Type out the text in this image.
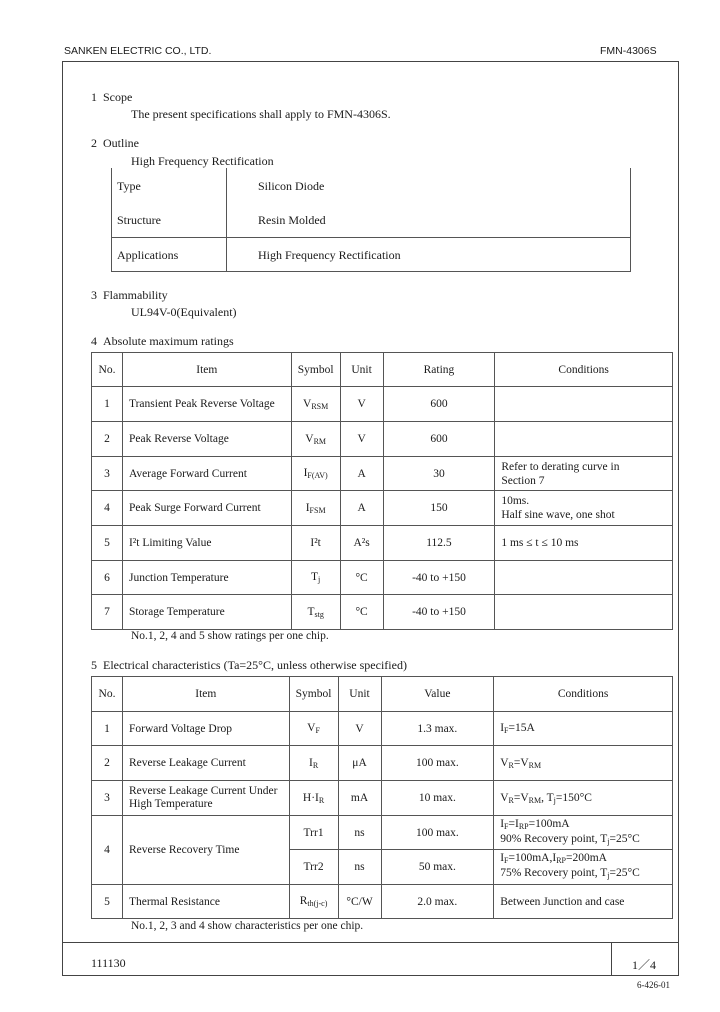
SANKEN ELECTRIC CO., LTD.	FMN-4306S
1 Scope
The present specifications shall apply to FMN-4306S.
2 Outline
High Frequency Rectification
Type	Silicon Diode
Structure	Resin Molded
Applications	High Frequency Rectification
3 Flammability
UL94V-0(Equivalent)
4 Absolute maximum ratings
No.	Item	Symbol	Unit	Rating	Conditions
1	Transient Peak Reverse Voltage	VRSM	V	600	
2	Peak Reverse Voltage	VRM	V	600	
3	Average Forward Current	IF(AV)	A	30	Refer to derating curve in
Section 7
4	Peak Surge Forward Current	IFSM	A	150	10ms.
Half sine wave, one shot
5	I²t Limiting Value	I²t	A²s	112.5	1 ms ≤ t ≤ 10 ms
6	Junction Temperature	Tj	°C	-40 to +150	
7	Storage Temperature	Tstg	°C	-40 to +150	
No.1, 2, 4 and 5 show ratings per one chip.
5 Electrical characteristics (Ta=25°C, unless otherwise specified)
No.	Item	Symbol	Unit	Value	Conditions
1	Forward Voltage Drop	VF	V	1.3 max.	IF=15A
2	Reverse Leakage Current	IR	μA	100 max.	VR=VRM
3	Reverse Leakage Current Under
High Temperature	H·IR	mA	10 max.	VR=VRM, Tj=150°C
4	Reverse Recovery Time	Trr1	ns	100 max.	IF=IRP=100mA
90% Recovery point, Tj=25°C
		Trr2	ns	50 max.	IF=100mA,IRP=200mA
75% Recovery point, Tj=25°C
5	Thermal Resistance	Rth(j-c)	°C/W	2.0 max.	Between Junction and case
No.1, 2, 3 and 4 show characteristics per one chip.
111130	1／4
6-426-01
